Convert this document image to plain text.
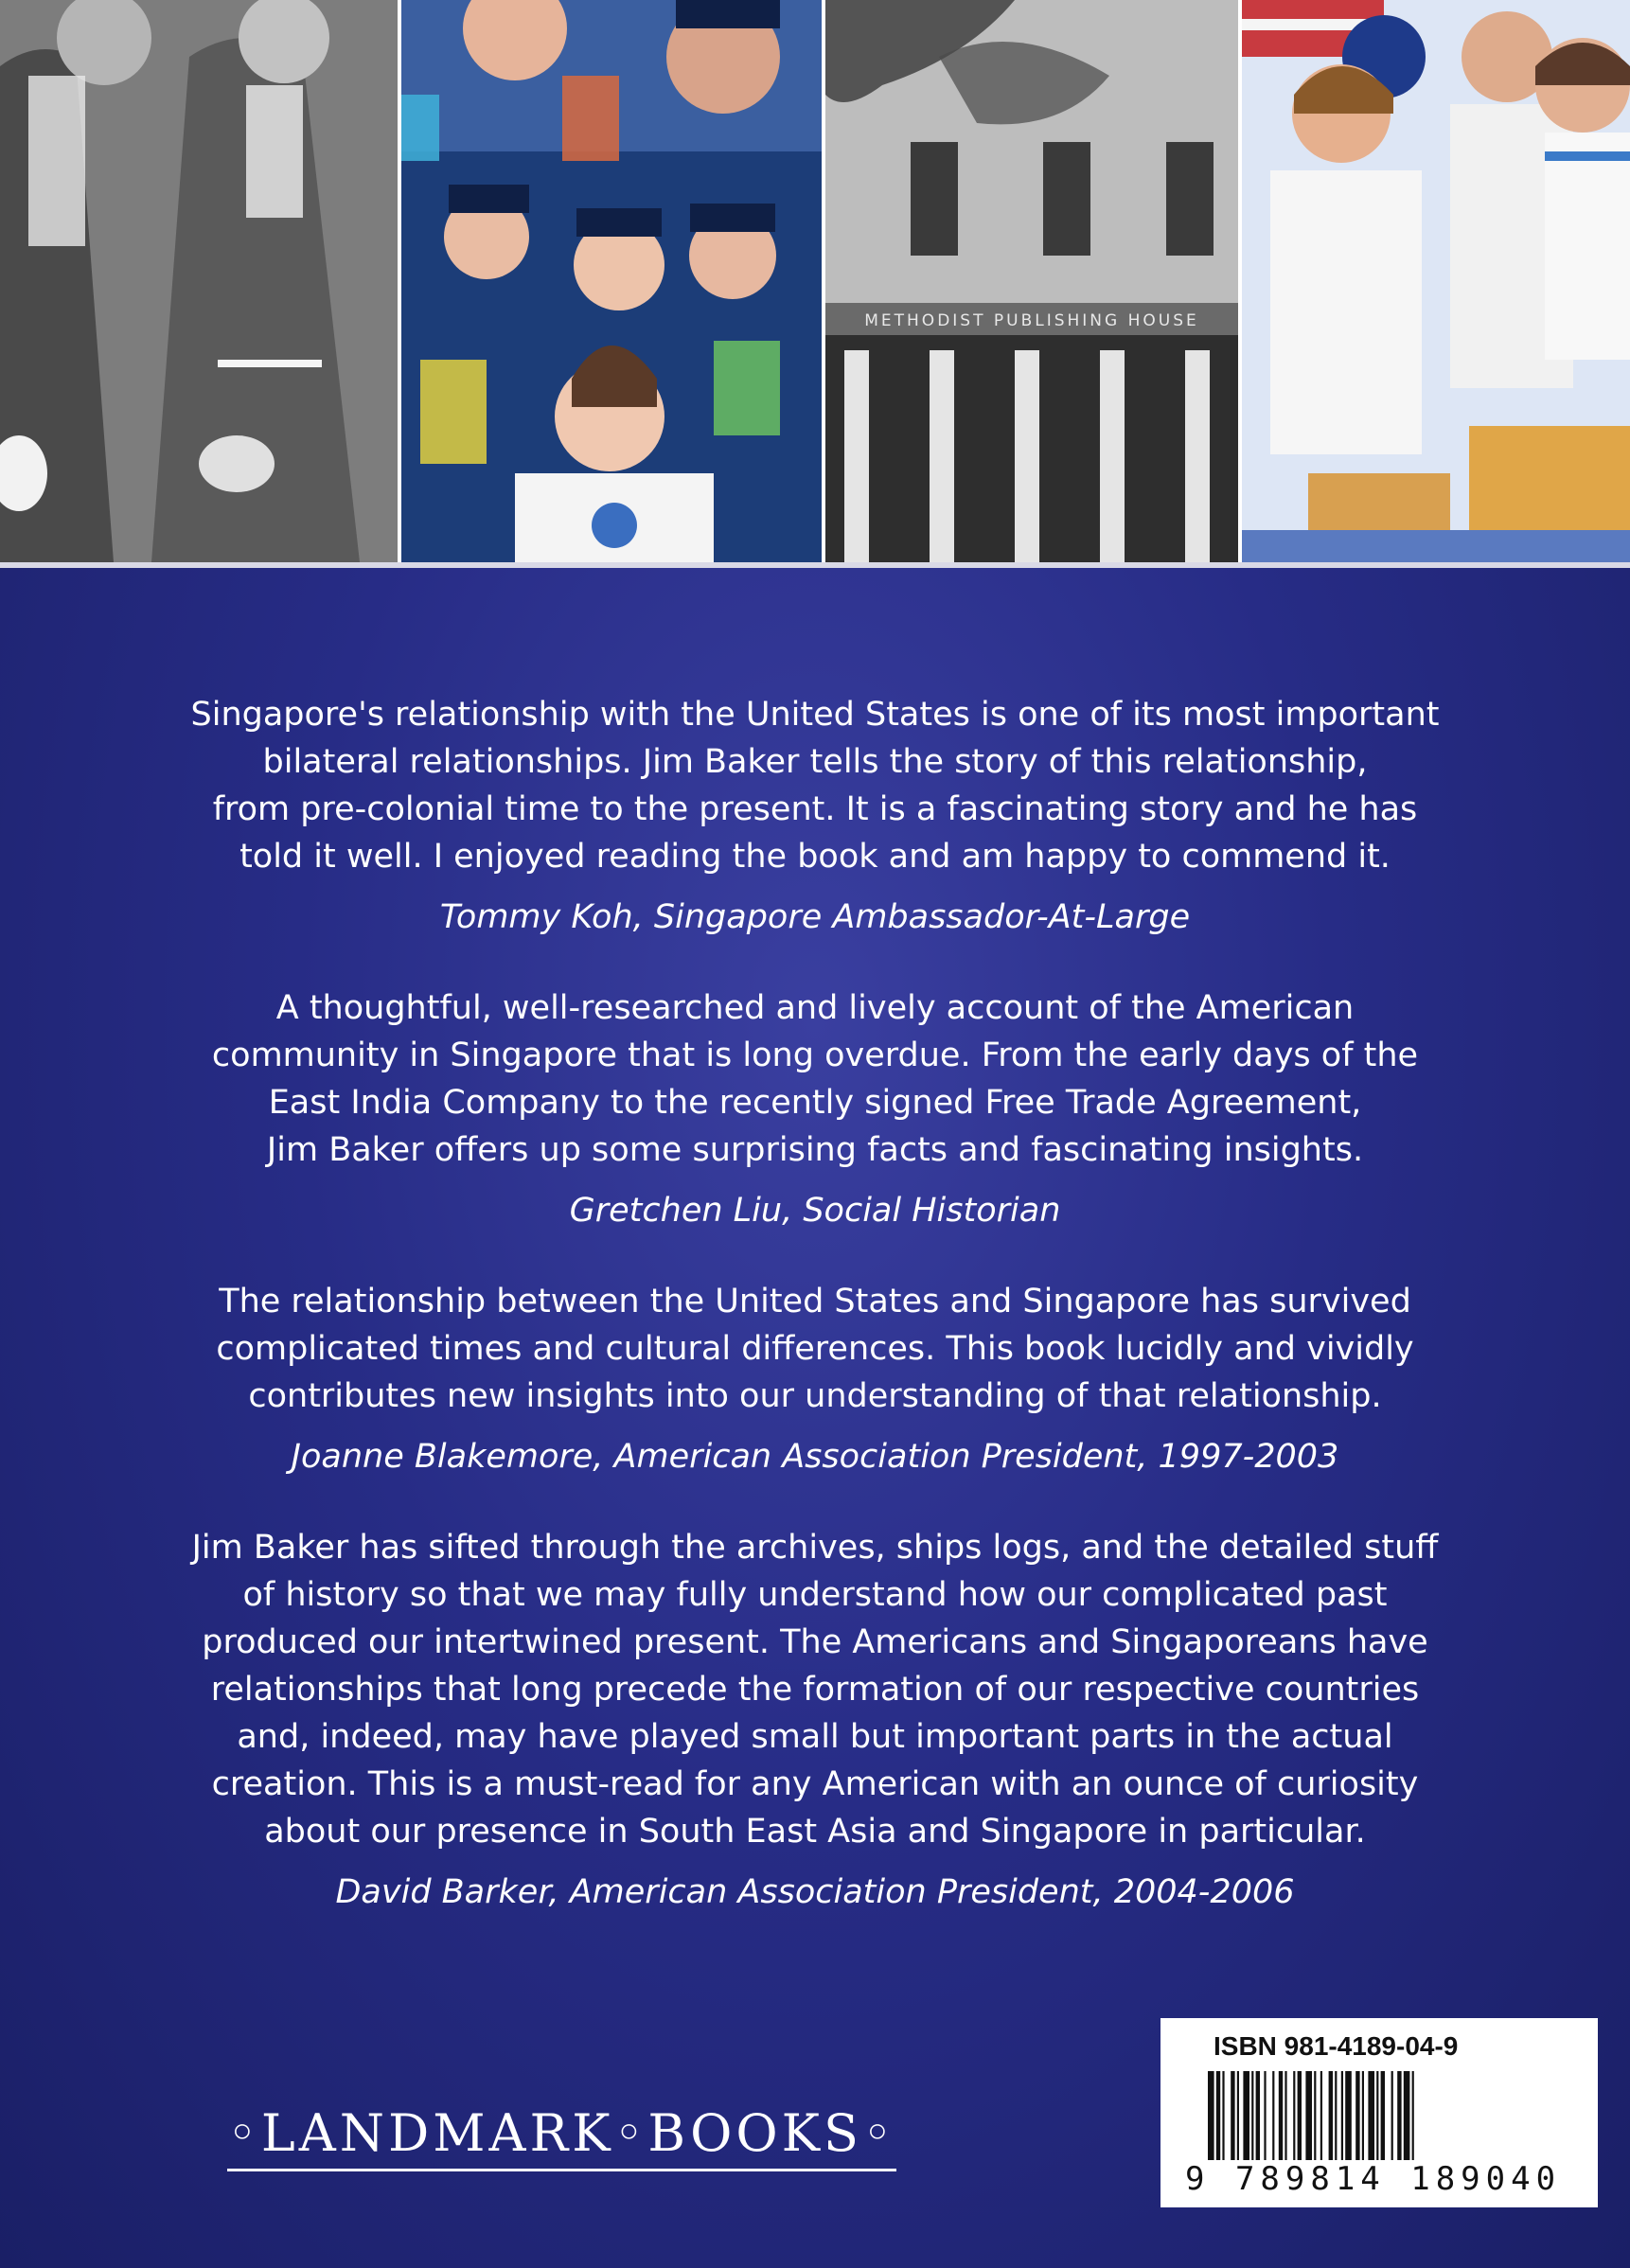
METHODIST PUBLISHING HOUSE

Singapore's relationship with the United States is one of its most important
bilateral relationships. Jim Baker tells the story of this relationship,
from pre-colonial time to the present. It is a fascinating story and he has
told it well. I enjoyed reading the book and am happy to commend it.

Tommy Koh, Singapore Ambassador-At-Large

A thoughtful, well-researched and lively account of the American
community in Singapore that is long overdue. From the early days of the
East India Company to the recently signed Free Trade Agreement,
Jim Baker offers up some surprising facts and fascinating insights.

Gretchen Liu, Social Historian

The relationship between the United States and Singapore has survived
complicated times and cultural differences. This book lucidly and vividly
contributes new insights into our understanding of that relationship.

Joanne Blakemore, American Association President, 1997-2003

Jim Baker has sifted through the archives, ships logs, and the detailed stuff
of history so that we may fully understand how our complicated past
produced our intertwined present. The Americans and Singaporeans have
relationships that long precede the formation of our respective countries
and, indeed, may have played small but important parts in the actual
creation. This is a must-read for any American with an ounce of curiosity
about our presence in South East Asia and Singapore in particular.

David Barker, American Association President, 2004-2006

◦LANDMARK◦BOOKS◦
ISBN 981-4189-04-9
9 789814 189040
